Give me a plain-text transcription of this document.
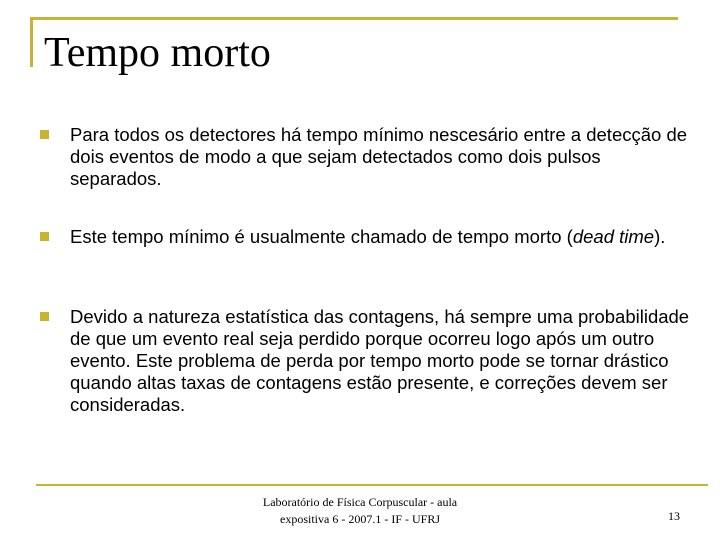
Tempo morto
Para todos os detectores há tempo mínimo nescesário entre a detecção de dois eventos de modo a que sejam detectados como dois pulsos separados.
Este tempo mínimo é usualmente chamado de tempo morto (dead time).
Devido a natureza estatística das contagens, há sempre uma probabilidade de que um evento real seja perdido porque ocorreu logo após um outro evento. Este problema de perda por tempo morto pode se tornar drástico quando altas taxas de contagens estão presente, e correções devem ser consideradas.
Laboratório de Física Corpuscular - aula
expositiva 6 - 2007.1 - IF - UFRJ	13
